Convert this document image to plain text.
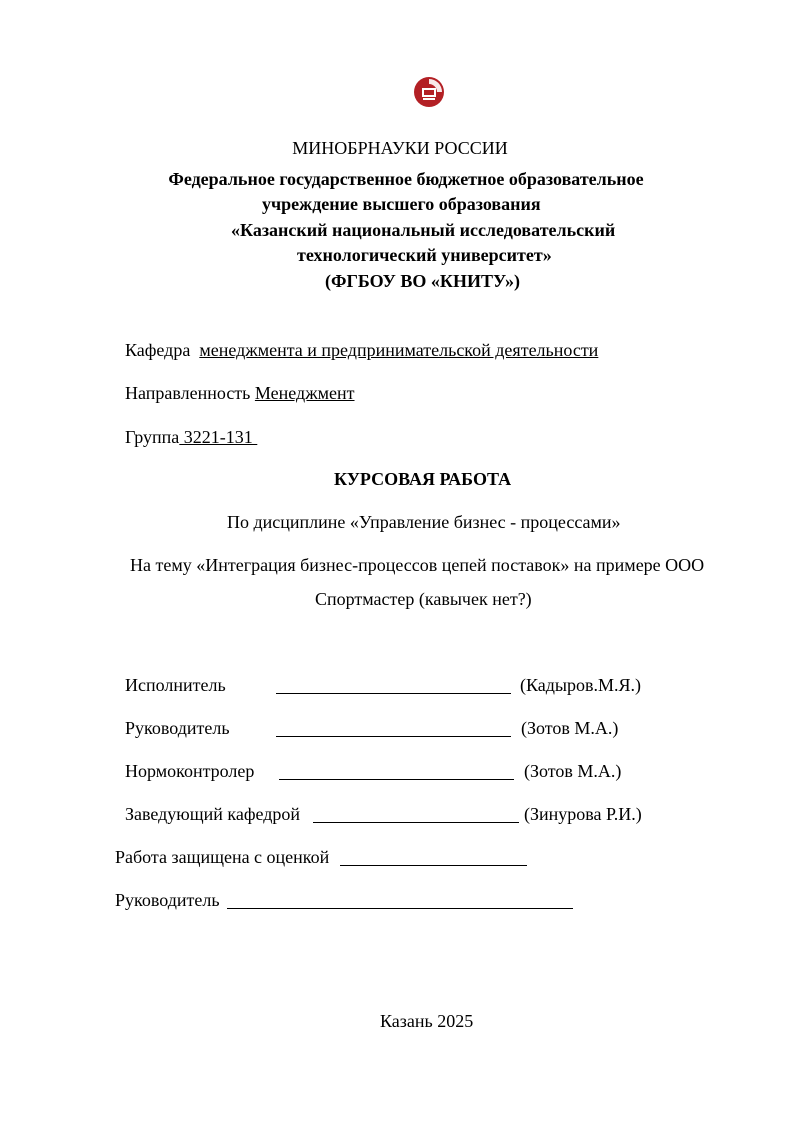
МИНОБРНАУКИ РОССИИ
Федеральное государственное бюджетное образовательное
учреждение высшего образования
«Казанский национальный исследовательский
технологический университет»
(ФГБОУ ВО «КНИТУ»)
Кафедра менеджмента и предпринимательской деятельности
Направленность Менеджмент
Группа 3221-131
КУРСОВАЯ РАБОТА
По дисциплине «Управление бизнес - процессами»
На тему «Интеграция бизнес-процессов цепей поставок» на примере ООО
Спортмастер (кавычек нет?)
Исполнитель	(Кадыров.М.Я.)
Руководитель	(Зотов М.А.)
Нормоконтролер	(Зотов М.А.)
Заведующий кафедрой	(Зинурова Р.И.)
Работа защищена с оценкой
Руководитель
Казань 2025
